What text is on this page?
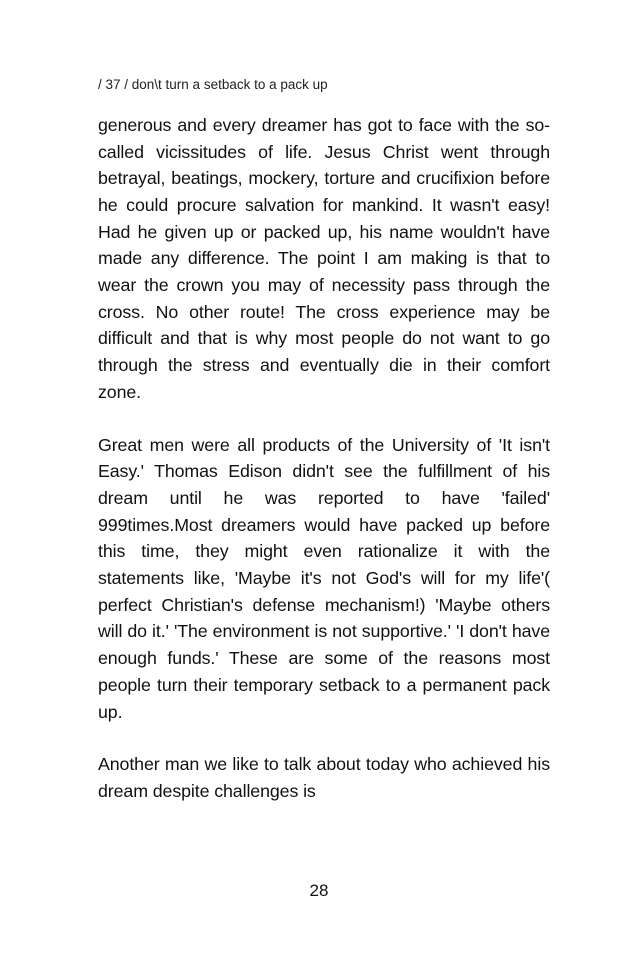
/ 37 / don\t turn a setback to a pack up

generous and every dreamer has got to face with the so-called vicissitudes of life. Jesus Christ went through betrayal, beatings, mockery, torture and crucifixion before he could procure salvation for mankind. It wasn't easy! Had he given up or packed up, his name wouldn't have made any difference. The point I am making is that to wear the crown you may of necessity pass through the cross. No other route! The cross experience may be difficult and that is why most people do not want to go through the stress and eventually die in their comfort zone.

Great men were all products of the University of 'It isn't Easy.' Thomas Edison didn't see the fulfillment of his dream until he was reported to have 'failed' 999times.Most dreamers would have packed up before this time, they might even rationalize it with the statements like, 'Maybe it's not God's will for my life'( perfect Christian's defense mechanism!) 'Maybe others will do it.' 'The environment is not supportive.' 'I don't have enough funds.' These are some of the reasons most people turn their temporary setback to a permanent pack up.

Another man we like to talk about today who achieved his dream despite challenges is

28
